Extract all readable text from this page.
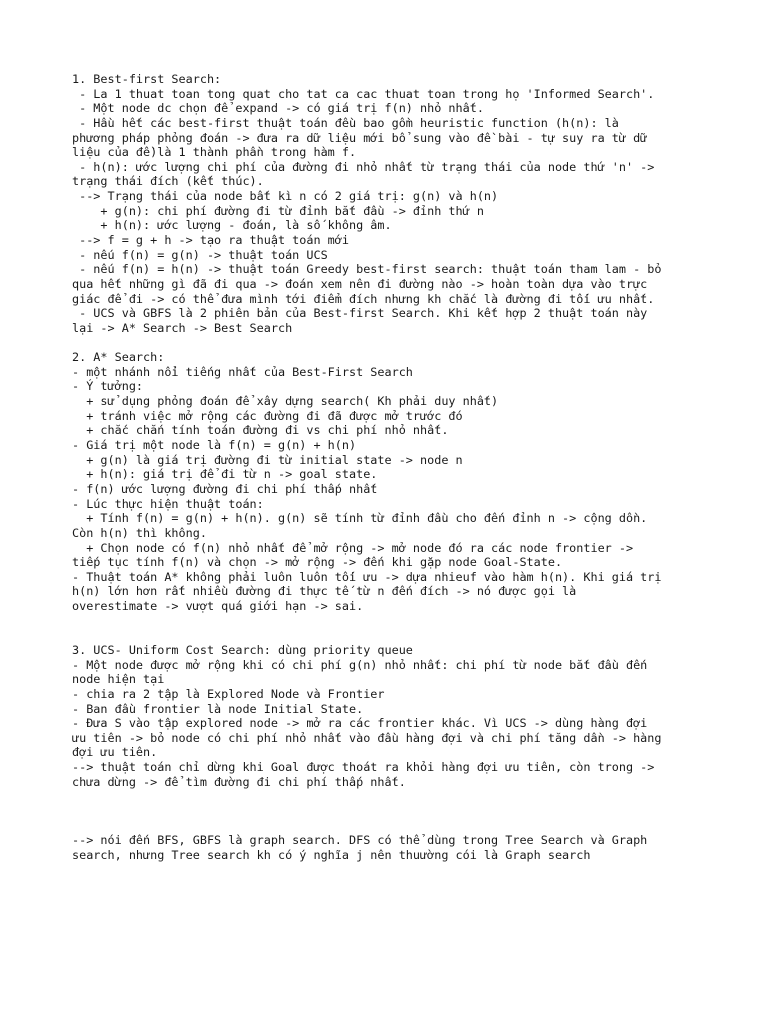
1. Best-first Search:
- La 1 thuat toan tong quat cho tat ca cac thuat toan trong họ 'Informed Search'.
- Một node dc chọn để expand -> có giá trị f(n) nhỏ nhất.
- Hầu hết các best-first thuật toán đều bao gồm heuristic function (h(n): là
phương pháp phỏng đoán -> đưa ra dữ liệu mới bổ sung vào đề bài - tự suy ra từ dữ
liệu của đề)là 1 thành phần trong hàm f.
- h(n): ước lượng chi phí của đường đi nhỏ nhất từ trạng thái của node thứ 'n' ->
trạng thái đích (kết thúc).
--> Trạng thái của node bất kì n có 2 giá trị: g(n) và h(n)
+ g(n): chi phí đường đi từ đỉnh bắt đầu -> đỉnh thứ n
+ h(n): ước lượng - đoán, là số không âm.
--> f = g + h -> tạo ra thuật toán mới
- nếu f(n) = g(n) -> thuật toán UCS
- nếu f(n) = h(n) -> thuật toán Greedy best-first search: thuật toán tham lam - bỏ
qua hết những gì đã đi qua -> đoán xem nên đi đường nào -> hoàn toàn dựa vào trực
giác để đi -> có thể đưa mình tới điểm đích nhưng kh chắc là đường đi tối ưu nhất.
- UCS và GBFS là 2 phiên bản của Best-first Search. Khi kết hợp 2 thuật toán này
lại -> A* Search -> Best Search
2. A* Search:
- một nhánh nổi tiếng nhất của Best-First Search
- Ý tưởng:
+ sử dụng phỏng đoán để xây dựng search( Kh phải duy nhất)
+ tránh việc mở rộng các đường đi đã được mở trước đó
+ chắc chắn tính toán đường đi vs chi phí nhỏ nhất.
- Giá trị một node là f(n) = g(n) + h(n)
+ g(n) là giá trị đường đi từ initial state -> node n
+ h(n): giá trị để đi từ n -> goal state.
- f(n) ước lượng đường đi chi phí thấp nhất
- Lúc thực hiện thuật toán:
+ Tính f(n) = g(n) + h(n). g(n) sẽ tính từ đỉnh đầu cho đến đỉnh n -> cộng dồn.
Còn h(n) thì không.
+ Chọn node có f(n) nhỏ nhất để mở rộng -> mở node đó ra các node frontier ->
tiếp tục tính f(n) và chọn -> mở rộng -> đến khi gặp node Goal-State.
- Thuật toán A* không phải luôn luôn tối ưu -> dựa nhieuf vào hàm h(n). Khi giá trị
h(n) lớn hơn rất nhiều đường đi thực tế từ n đến đích -> nó được gọi là
overestimate -> vượt quá giới hạn -> sai.
3. UCS- Uniform Cost Search: dùng priority queue
- Một node được mở rộng khi có chi phí g(n) nhỏ nhất: chi phí từ node bắt đầu đến
node hiện tại
- chia ra 2 tập là Explored Node và Frontier
- Ban đầu frontier là node Initial State.
- Đưa S vào tập explored node -> mở ra các frontier khác. Vì UCS -> dùng hàng đợi
ưu tiên -> bỏ node có chi phí nhỏ nhất vào đầu hàng đợi và chi phí tăng dần -> hàng
đợi ưu tiên.
--> thuật toán chỉ dừng khi Goal được thoát ra khỏi hàng đợi ưu tiên, còn trong ->
chưa dừng -> để tìm đường đi chi phí thấp nhất.
--> nói đến BFS, GBFS là graph search. DFS có thể dùng trong Tree Search và Graph
search, nhưng Tree search kh có ý nghĩa j nên thuường cói là Graph search
